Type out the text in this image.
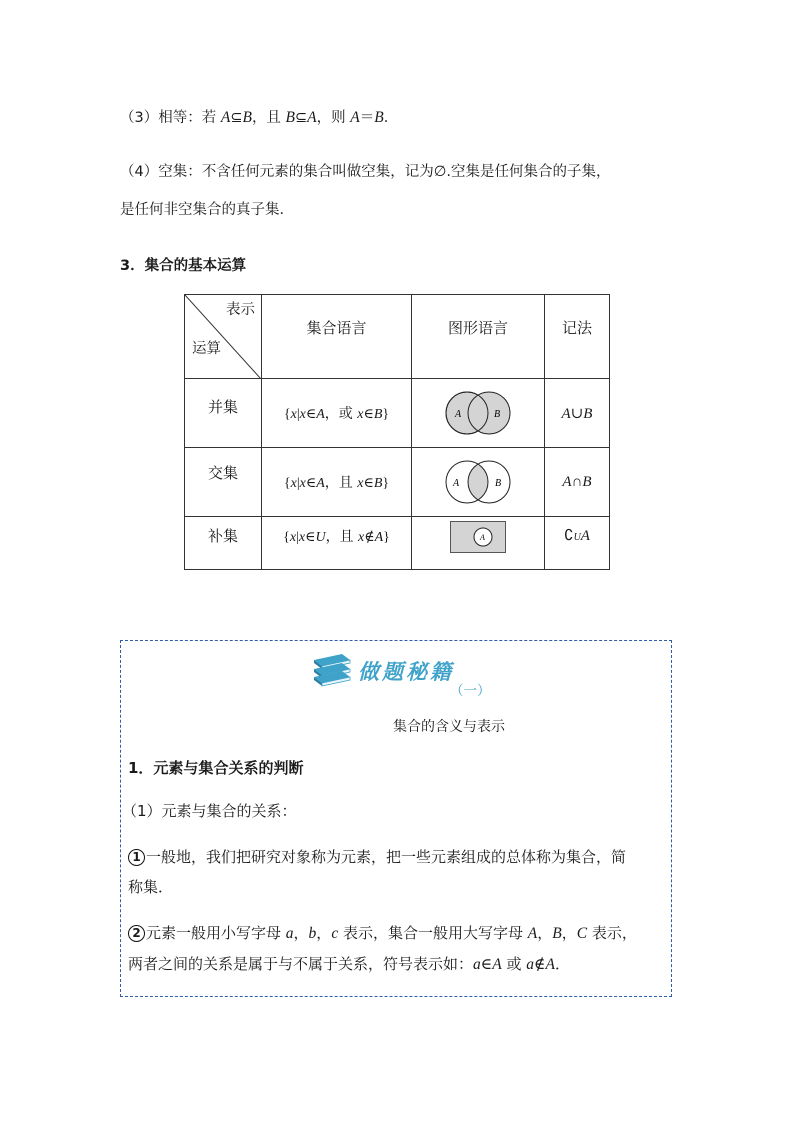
（3）相等：若 A⊆B，且 B⊆A，则 A＝B．
（4）空集：不含任何元素的集合叫做空集，记为∅.空集是任何集合的子集，
是任何非空集合的真子集．
3．集合的基本运算
表示
运算	集合语言	图形语言	记法
并集	{x|x∈A，或 x∈B}	A B	A∪B
交集	{x|x∈A，且 x∈B}	A B	A∩B
补集	{x|x∈U，且 x∉A}	A	∁UA
做题秘籍
（一）
集合的含义与表示
1．元素与集合关系的判断
（1）元素与集合的关系：
1 一般地，我们把研究对象称为元素，把一些元素组成的总体称为集合，简
称集．
2 元素一般用小写字母 a，b，c 表示，集合一般用大写字母 A，B，C 表示，
两者之间的关系是属于与不属于关系，符号表示如：a∈A 或 a∉A．
